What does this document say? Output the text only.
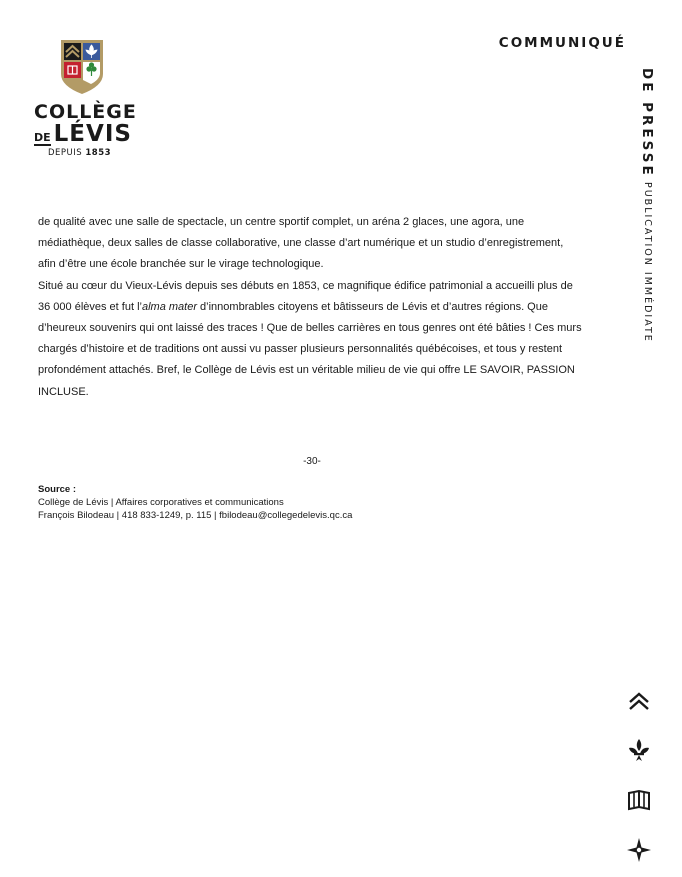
COLLÈGE
DE LÉVIS
DEPUIS 1853
COMMUNIQUÉ
DE PRESSE
PUBLICATION IMMÉDIATE

de qualité avec une salle de spectacle, un centre sportif complet, un aréna 2 glaces, une agora, une médiathèque, deux salles de classe collaborative, une classe d’art numérique et un studio d’enregistrement, afin d’être une école branchée sur le virage technologique.

Situé au cœur du Vieux-Lévis depuis ses débuts en 1853, ce magnifique édifice patrimonial a accueilli plus de 36 000 élèves et fut l’alma mater d’innombrables citoyens et bâtisseurs de Lévis et d’autres régions. Que d’heureux souvenirs qui ont laissé des traces ! Que de belles carrières en tous genres ont été bâties ! Ces murs chargés d’histoire et de traditions ont aussi vu passer plusieurs personnalités québécoises, et tous y restent profondément attachés. Bref, le Collège de Lévis est un véritable milieu de vie qui offre LE SAVOIR, PASSION INCLUSE.

-30-
Source :
Collège de Lévis | Affaires corporatives et communications
François Bilodeau | 418 833-1249, p. 115 | fbilodeau@collegedelevis.qc.ca
